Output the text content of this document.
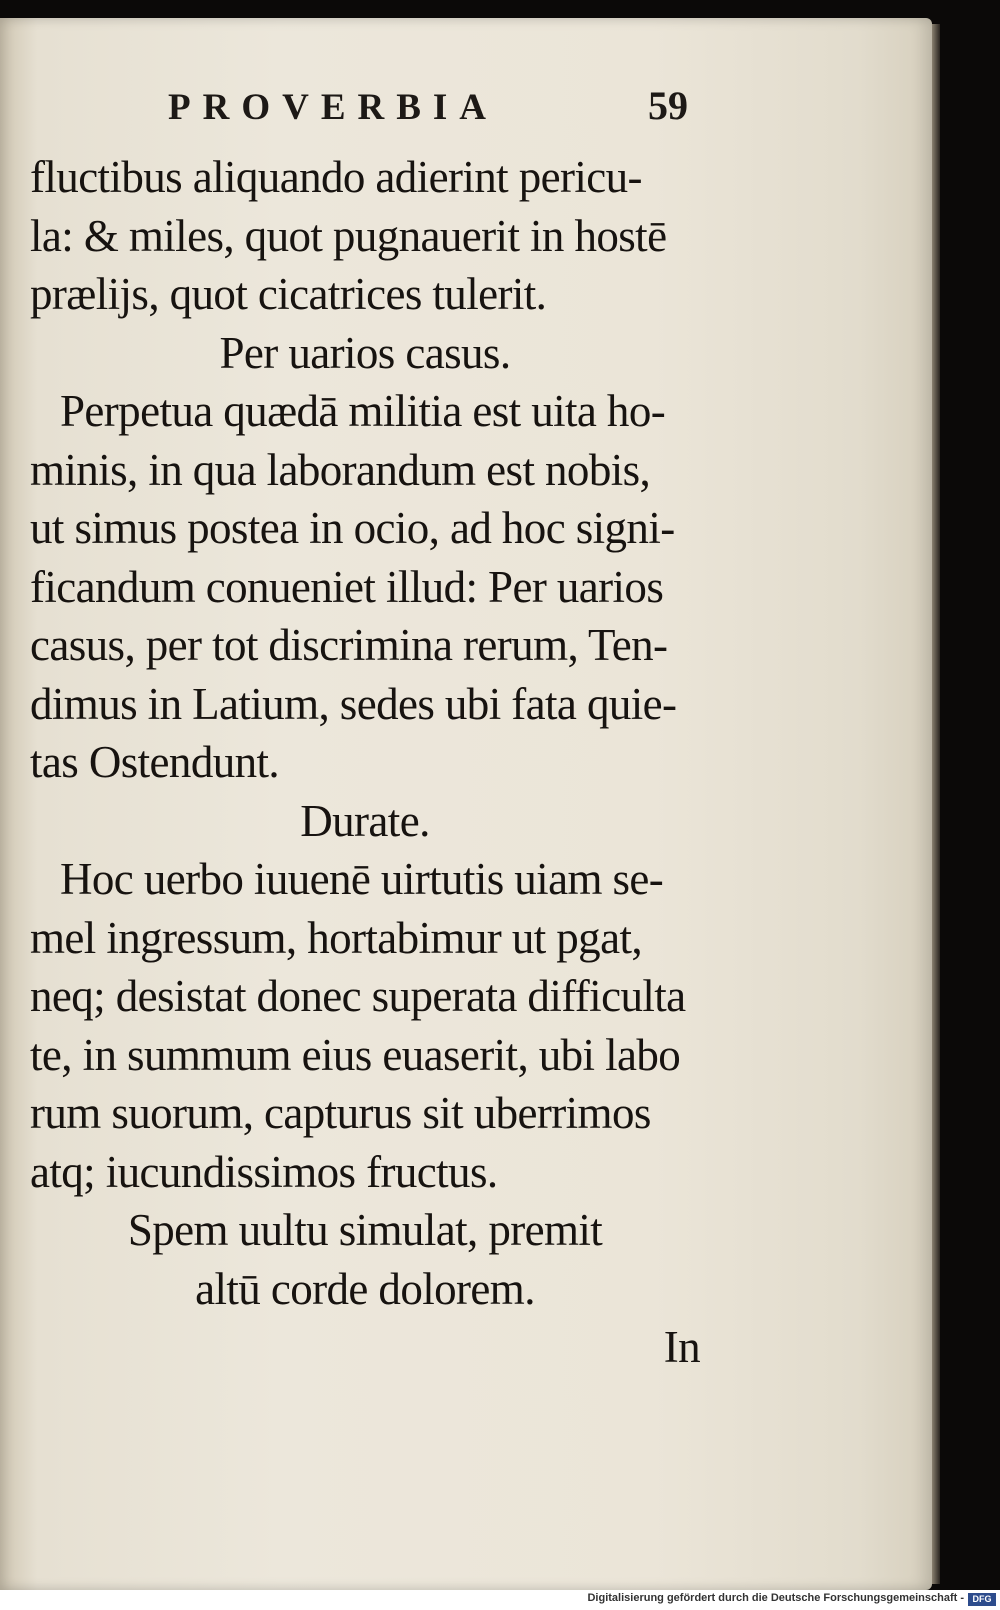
PROVERBIA	59
fluctibus aliquando adierint pericu-
la: & miles, quot pugnauerit in hostē
prælijs, quot cicatrices tulerit.
Per uarios casus.
Perpetua quædā militia est uita ho-
minis, in qua laborandum est nobis,
ut simus postea in ocio, ad hoc signi-
ficandum conueniet illud: Per uarios
casus, per tot discrimina rerum, Ten-
dimus in Latium, sedes ubi fata quie-
tas Ostendunt.
Durate.
Hoc uerbo iuuenē uirtutis uiam se-
mel ingressum, hortabimur ut pgat,
neq; desistat donec superata difficulta
te, in summum eius euaserit, ubi labo
rum suorum, capturus sit uberrimos
atq; iucundissimos fructus.
Spem uultu simulat, premit
altū corde dolorem.
In
Digitalisierung gefördert durch die Deutsche Forschungsgemeinschaft - DFG
